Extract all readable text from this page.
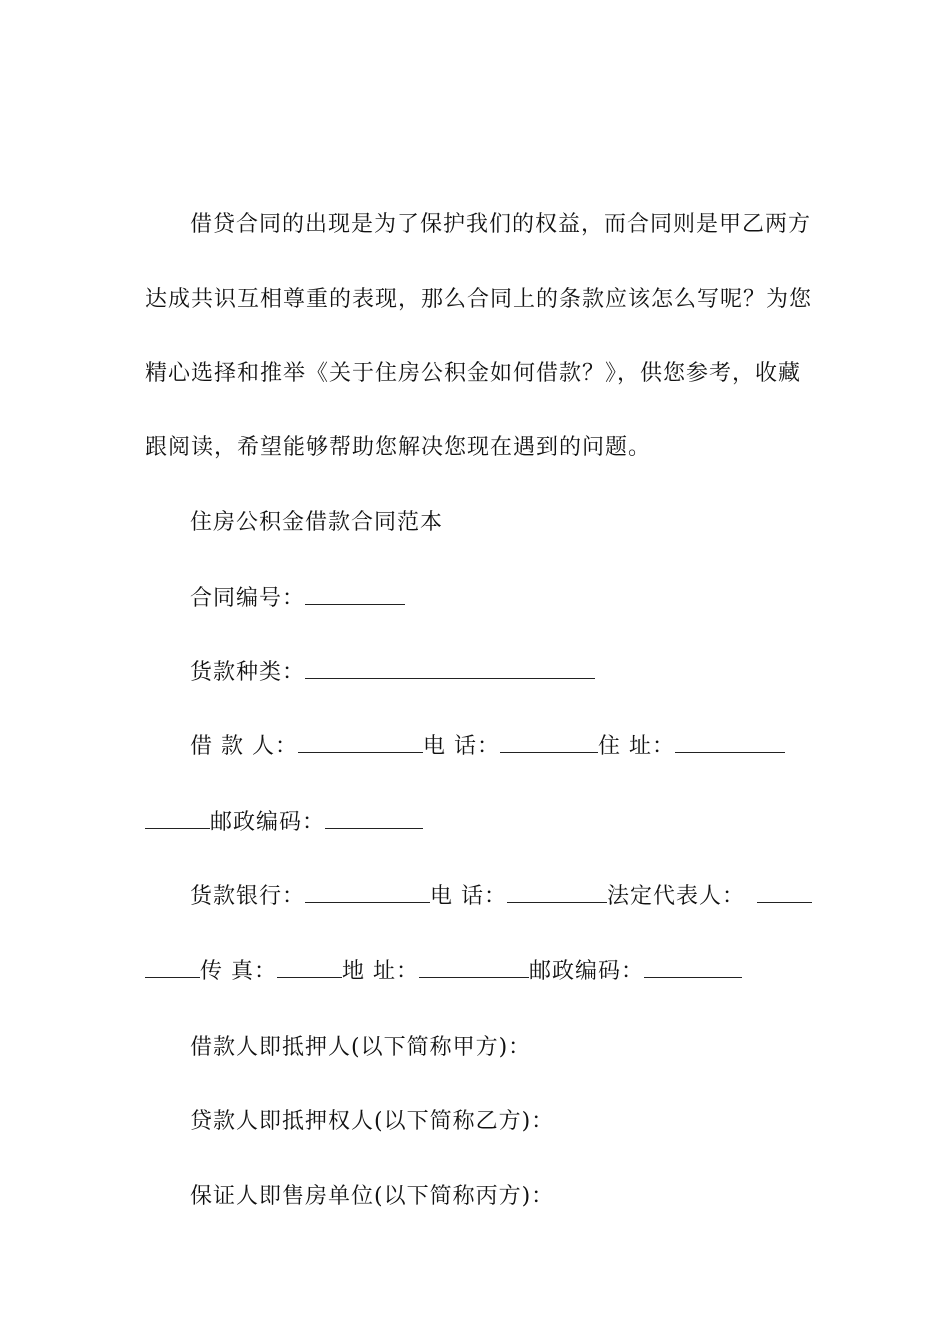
借贷合同的出现是为了保护我们的权益，而合同则是甲乙两方
达成共识互相尊重的表现，那么合同上的条款应该怎么写呢？为您
精心选择和推举《关于住房公积金如何借款？》，供您参考，收藏
跟阅读，希望能够帮助您解决您现在遇到的问题。
住房公积金借款合同范本
合同编号：
货款种类：
借 款 人：	电 话：	住 址：
邮政编码：
货款银行：	电 话：	法定代表人：
传 真：	地 址：	邮政编码：
借款人即抵押人(以下简称甲方)：
贷款人即抵押权人(以下简称乙方)：
保证人即售房单位(以下简称丙方)：
